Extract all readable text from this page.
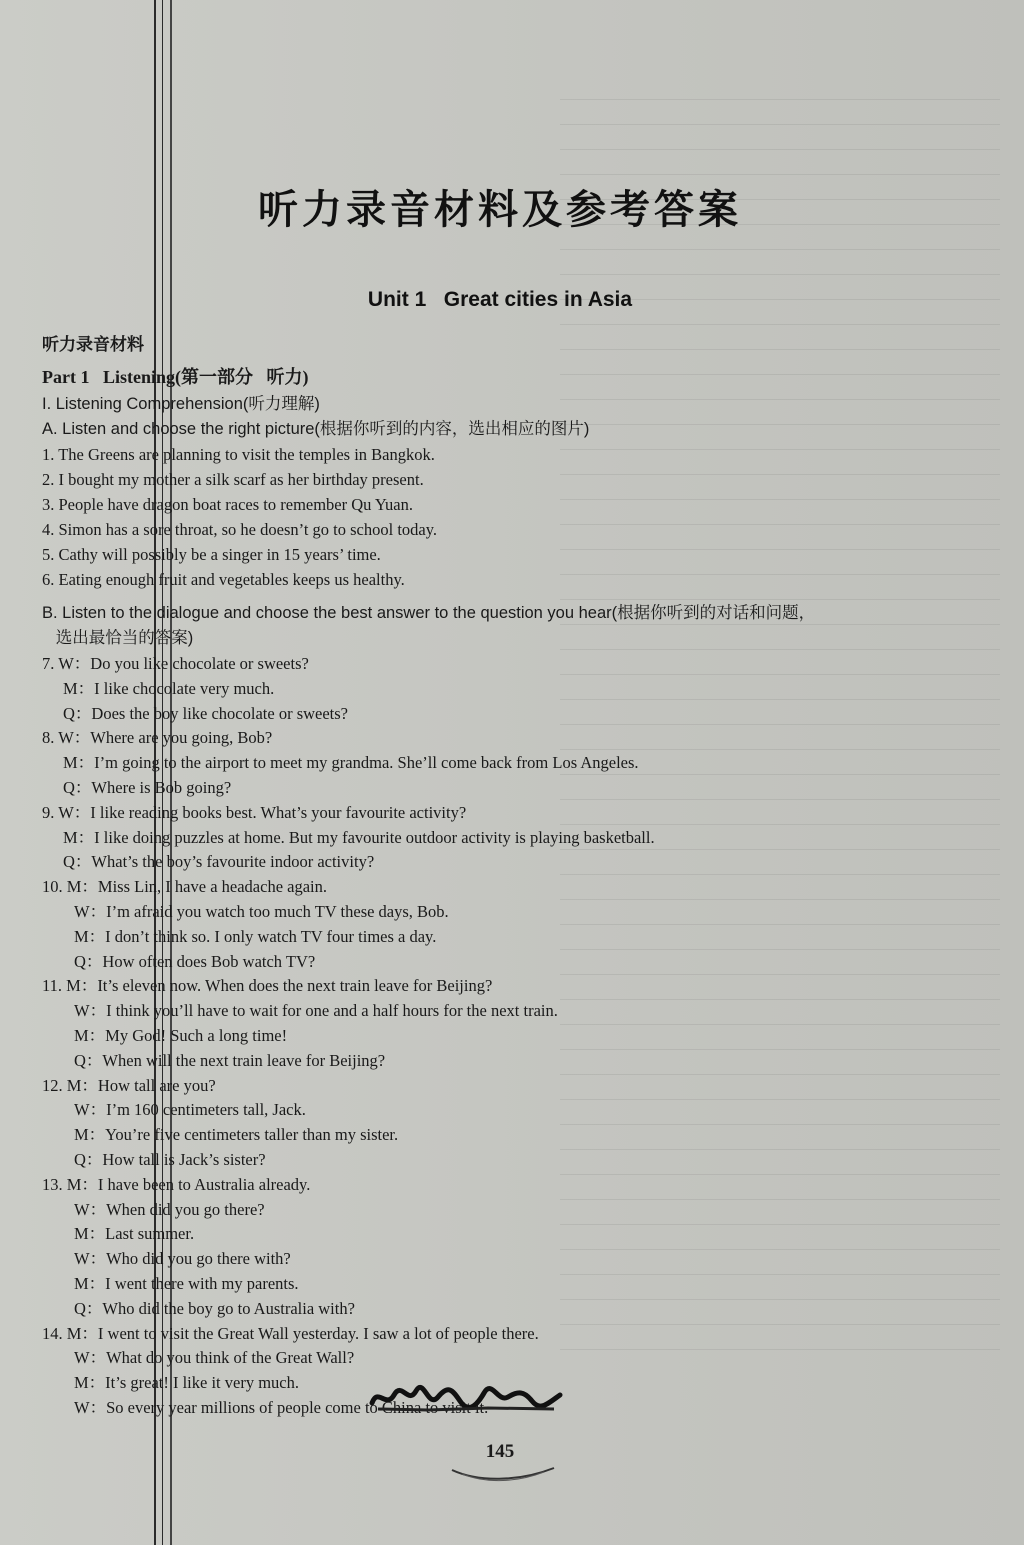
听力录音材料及参考答案
Unit 1   Great cities in Asia
听力录音材料
Part 1   Listening(第一部分   听力)
I. Listening Comprehension(听力理解)
A. Listen and choose the right picture(根据你听到的内容，选出相应的图片)
1. The Greens are planning to visit the temples in Bangkok.
2. I bought my mother a silk scarf as her birthday present.
3. People have dragon boat races to remember Qu Yuan.
4. Simon has a sore throat, so he doesn’t go to school today.
5. Cathy will possibly be a singer in 15 years’ time.
6. Eating enough fruit and vegetables keeps us healthy.
B. Listen to the dialogue and choose the best answer to the question you hear(根据你听到的对话和问题，
选出最恰当的答案)
7. W：Do you like chocolate or sweets?
M：I like chocolate very much.
Q：Does the boy like chocolate or sweets?
8. W：Where are you going, Bob?
M：I’m going to the airport to meet my grandma. She’ll come back from Los Angeles.
Q：Where is Bob going?
9. W：I like reading books best. What’s your favourite activity?
M：I like doing puzzles at home. But my favourite outdoor activity is playing basketball.
Q：What’s the boy’s favourite indoor activity?
10. M：Miss Lin, I have a headache again.
W：I’m afraid you watch too much TV these days, Bob.
M：I don’t think so. I only watch TV four times a day.
Q：How often does Bob watch TV?
11. M：It’s eleven now. When does the next train leave for Beijing?
W：I think you’ll have to wait for one and a half hours for the next train.
M：My God! Such a long time!
Q：When will the next train leave for Beijing?
12. M：How tall are you?
W：I’m 160 centimeters tall, Jack.
M：You’re five centimeters taller than my sister.
Q：How tall is Jack’s sister?
13. M：I have been to Australia already.
W：When did you go there?
M：Last summer.
W：Who did you go there with?
M：I went there with my parents.
Q：Who did the boy go to Australia with?
14. M：I went to visit the Great Wall yesterday. I saw a lot of people there.
W：What do you think of the Great Wall?
M：It’s great! I like it very much.
W：So every year millions of people come to China to visit it.
145
